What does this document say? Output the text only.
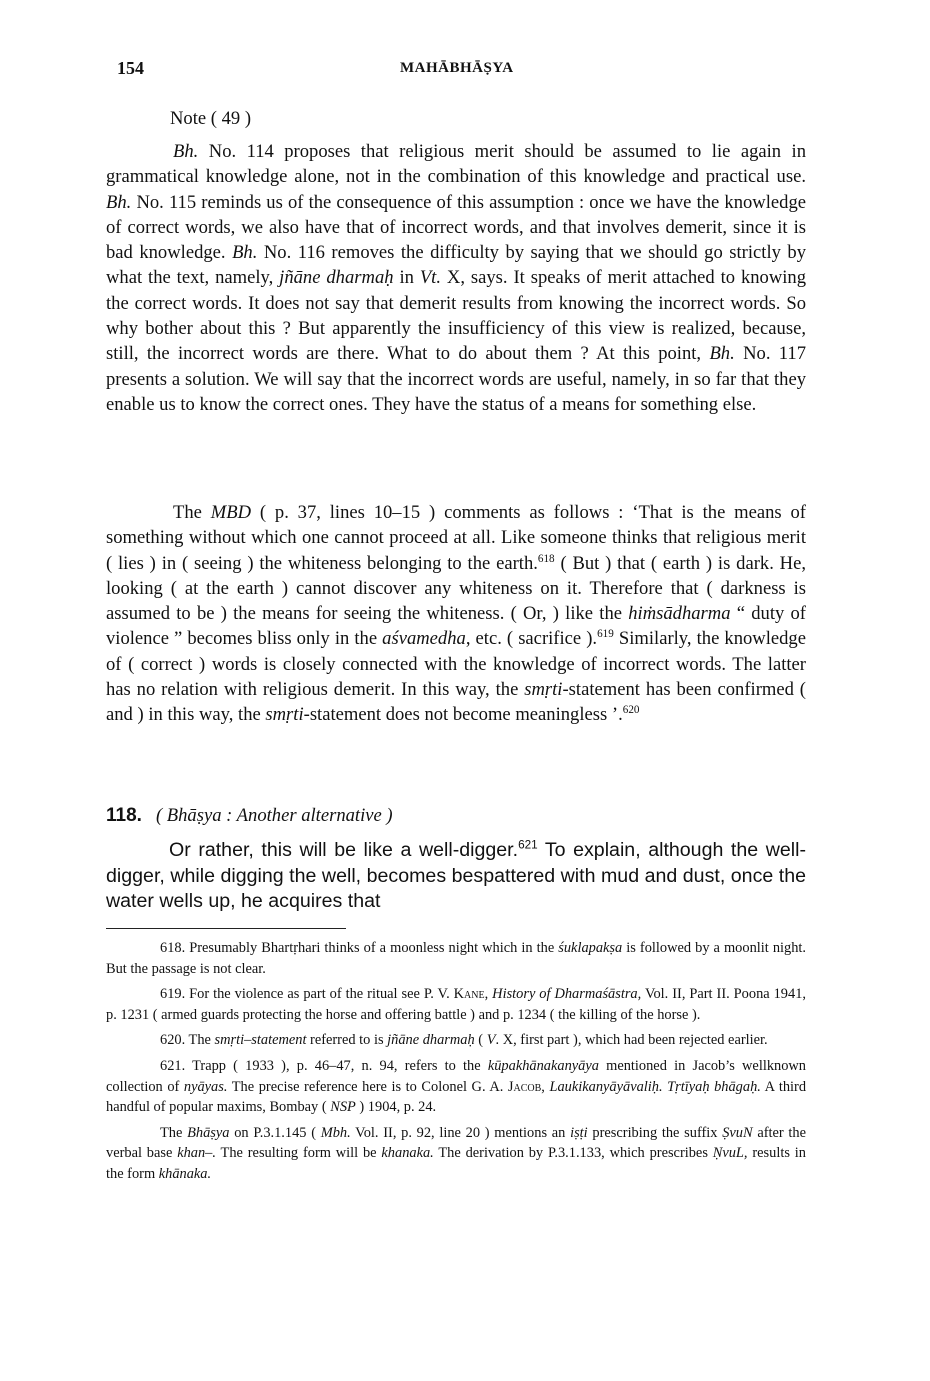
154	MAHĀBHĀṢYA
Note ( 49 )

Bh. No. 114 proposes that religious merit should be assumed to lie again in grammatical knowledge alone, not in the combination of this knowledge and practical use. Bh. No. 115 reminds us of the consequence of this assumption : once we have the knowledge of correct words, we also have that of incorrect words, and that involves demerit, since it is bad knowledge. Bh. No. 116 removes the difficulty by saying that we should go strictly by what the text, namely, jñāne dharmaḥ in Vt. X, says. It speaks of merit attached to knowing the correct words. It does not say that demerit results from knowing the incorrect words. So why bother about this ? But apparently the insufficiency of this view is realized, because, still, the incorrect words are there. What to do about them ? At this point, Bh. No. 117 presents a solution. We will say that the incorrect words are useful, namely, in so far that they enable us to know the correct ones. They have the status of a means for something else.

The MBD ( p. 37, lines 10–15 ) comments as follows : ‘That is the means of something without which one cannot proceed at all. Like someone thinks that religious merit ( lies ) in ( seeing ) the whiteness belonging to the earth.$^{618}$ ( But ) that ( earth ) is dark. He, looking ( at the earth ) cannot discover any whiteness on it. Therefore that ( darkness is assumed to be ) the means for seeing the whiteness. ( Or, ) like the hiṁsādharma “ duty of violence ” becomes bliss only in the aśvamedha, etc. ( sacrifice ).$^{619}$ Similarly, the knowledge of ( correct ) words is closely connected with the knowledge of incorrect words. The latter has no relation with religious demerit. In this way, the smṛti-statement has been confirmed ( and ) in this way, the smṛti-statement does not become meaningless ’.$^{620}$

118. ( Bhāṣya : Another alternative )

Or rather, this will be like a well-digger.$^{621}$ To explain, although the well-digger, while digging the well, becomes bespattered with mud and dust, once the water wells up, he acquires that

618. Presumably Bhartṛhari thinks of a moonless night which in the śuklapakṣa is followed by a moonlit night. But the passage is not clear.

619. For the violence as part of the ritual see P. V. Kane, History of Dharmaśāstra, Vol. II, Part II. Poona 1941, p. 1231 ( armed guards protecting the horse and offering battle ) and p. 1234 ( the killing of the horse ).

620. The smṛti–statement referred to is jñāne dharmaḥ ( V. X, first part ), which had been rejected earlier.

621. Trapp ( 1933 ), p. 46–47, n. 94, refers to the kūpakhānakanyāya mentioned in Jacob’s wellknown collection of nyāyas. The precise reference here is to Colonel G. A. Jacob, Laukikanyāyāvaliḥ. Tṛtīyaḥ bhāgaḥ. A third handful of popular maxims, Bombay ( NSP ) 1904, p. 24.

The Bhāṣya on P.3.1.145 ( Mbh. Vol. II, p. 92, line 20 ) mentions an iṣṭi prescribing the suffix ṢvuN after the verbal base khan–. The resulting form will be khanaka. The derivation by P.3.1.133, which prescribes ṆvuL, results in the form khānaka.
